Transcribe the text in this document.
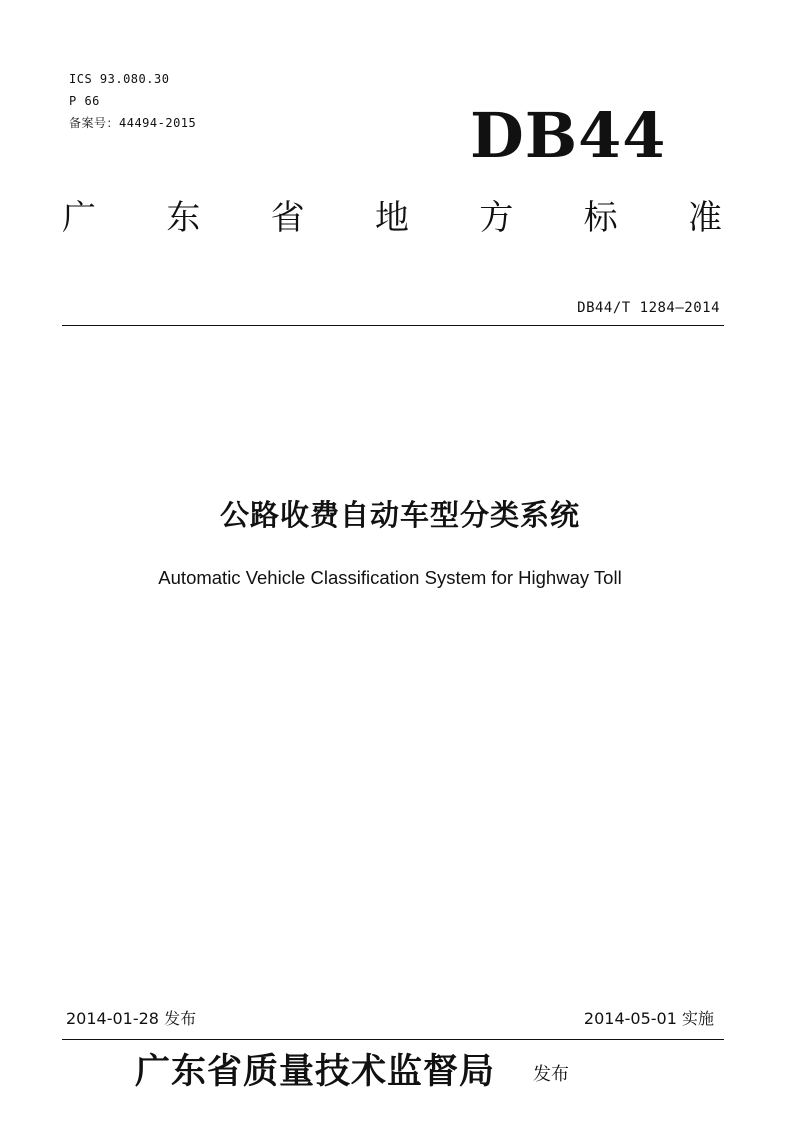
ICS 93.080.30
P 66
备案号：44494-2015	DB44
广 东 省 地 方 标 准
DB44/T 1284—2014
公路收费自动车型分类系统
Automatic Vehicle Classification System for Highway Toll
2014-01-28 发布	2014-05-01 实施
广东省质量技术监督局 发布
